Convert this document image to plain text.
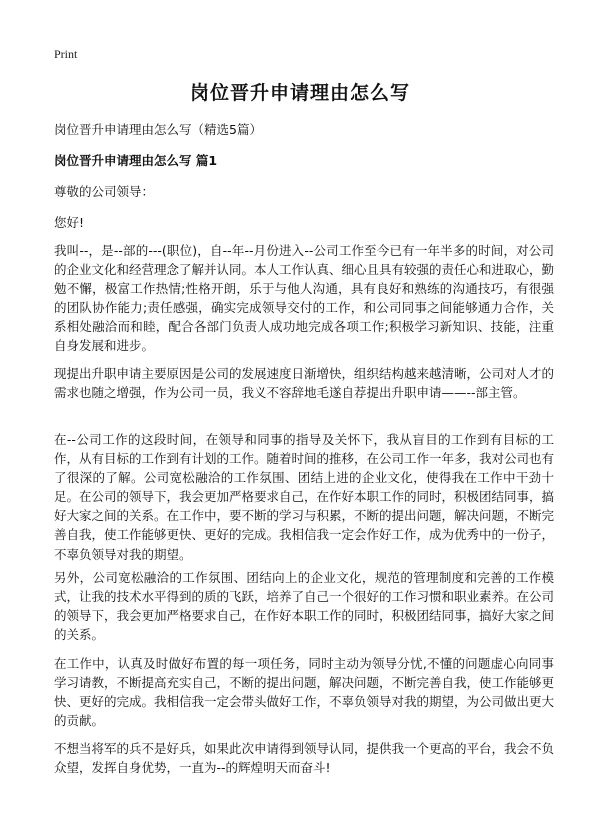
Print
岗位晋升申请理由怎么写
岗位晋升申请理由怎么写（精选5篇）
岗位晋升申请理由怎么写 篇1
尊敬的公司领导：
您好!
我叫--，是--部的---(职位)，自--年--月份进入--公司工作至今已有一年半多的时间，对公司的企业文化和经营理念了解并认同。本人工作认真、细心且具有较强的责任心和进取心，勤勉不懈，极富工作热情;性格开朗，乐于与他人沟通，具有良好和熟练的沟通技巧，有很强的团队协作能力;责任感强，确实完成领导交付的工作，和公司同事之间能够通力合作，关系相处融洽而和睦，配合各部门负责人成功地完成各项工作;积极学习新知识、技能，注重自身发展和进步。
现提出升职申请主要原因是公司的发展速度日渐增快，组织结构越来越清晰，公司对人才的需求也随之增强，作为公司一员，我义不容辞地毛遂自荐提出升职申请——--部主管。
在--公司工作的这段时间，在领导和同事的指导及关怀下，我从盲目的工作到有目标的工作，从有目标的工作到有计划的工作。随着时间的推移，在公司工作一年多，我对公司也有了很深的了解。公司宽松融洽的工作氛围、团结上进的企业文化，使得我在工作中干劲十足。在公司的领导下，我会更加严格要求自己，在作好本职工作的同时，积极团结同事，搞好大家之间的关系。在工作中，要不断的学习与积累，不断的提出问题，解决问题，不断完善自我，使工作能够更快、更好的完成。我相信我一定会作好工作，成为优秀中的一份子，不辜负领导对我的期望。
另外，公司宽松融洽的工作氛围、团结向上的企业文化，规范的管理制度和完善的工作模式，让我的技术水平得到的质的飞跃，培养了自己一个很好的工作习惯和职业素养。在公司的领导下，我会更加严格要求自己，在作好本职工作的同时，积极团结同事，搞好大家之间的关系。
在工作中，认真及时做好布置的每一项任务，同时主动为领导分忧,不懂的问题虚心向同事学习请教，不断提高充实自己，不断的提出问题，解决问题，不断完善自我，使工作能够更快、更好的完成。我相信我一定会带头做好工作，不辜负领导对我的期望，为公司做出更大的贡献。
不想当将军的兵不是好兵，如果此次申请得到领导认同，提供我一个更高的平台，我会不负众望，发挥自身优势，一直为--的辉煌明天而奋斗!
